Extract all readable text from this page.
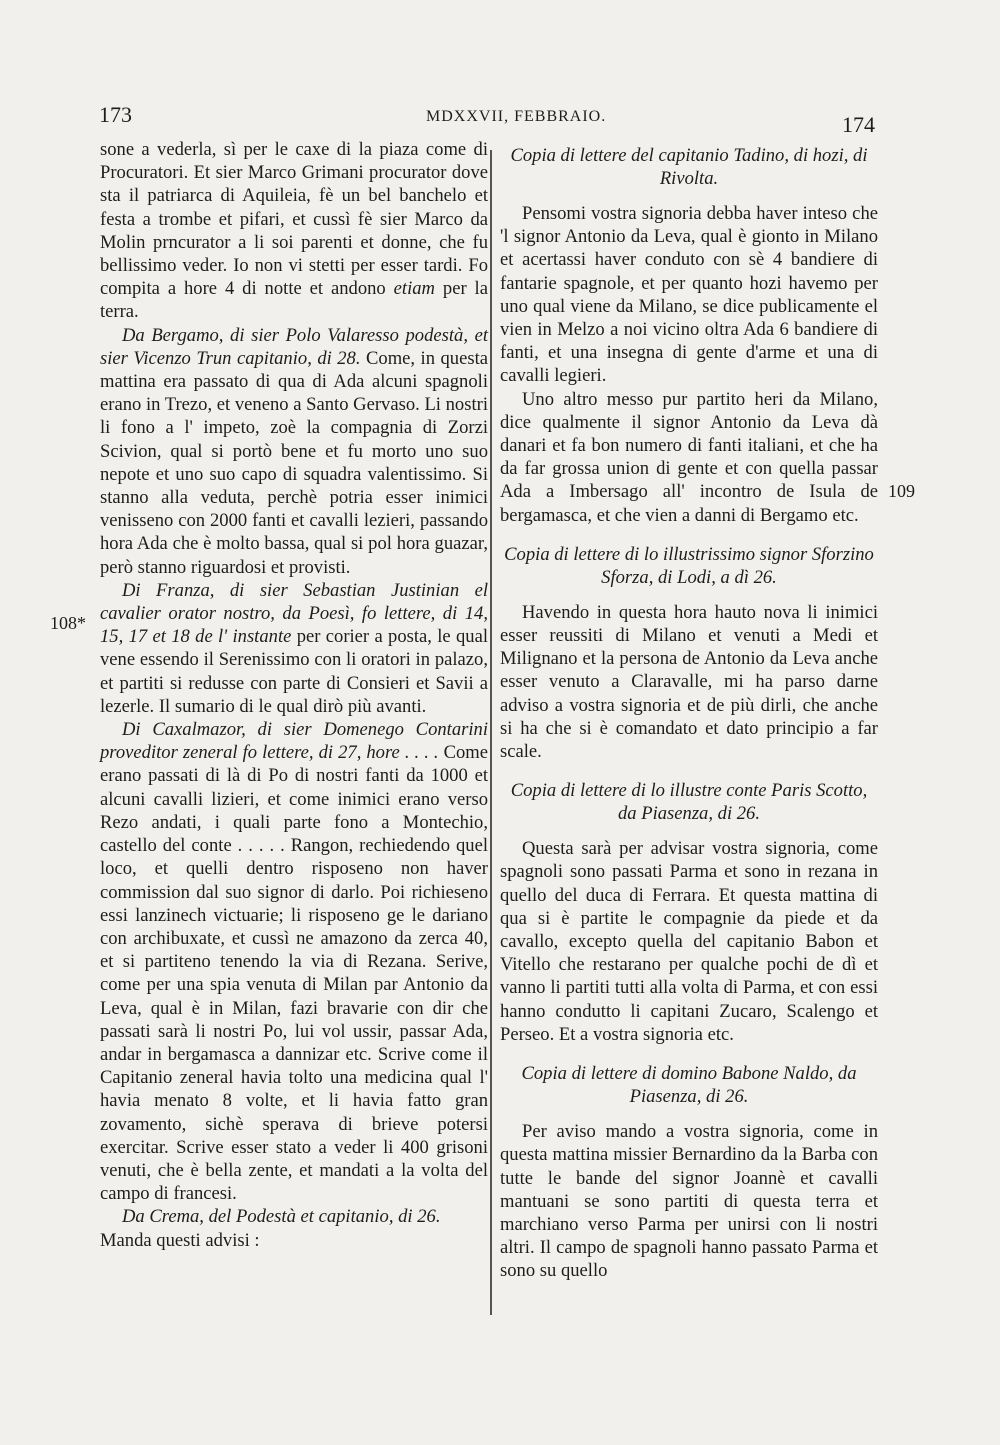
173	MDXXVII, FEBBRAIO.	174
108*
109

sone a vederla, sì per le caxe di la piaza come di Procuratori. Et sier Marco Grimani procurator dove sta il patriarca di Aquileia, fè un bel banchelo et festa a trombe et pifari, et cussì fè sier Marco da Molin prncurator a li soi parenti et donne, che fu bellissimo veder. Io non vi stetti per esser tardi. Fo compita a hore 4 di notte et andono etiam per la terra.

Da Bergamo, di sier Polo Valaresso podestà, et sier Vicenzo Trun capitanio, di 28. Come, in questa mattina era passato di qua di Ada alcuni spagnoli erano in Trezo, et veneno a Santo Gervaso. Li nostri li fono a l' impeto, zoè la compagnia di Zorzi Scivion, qual si portò bene et fu morto uno suo nepote et uno suo capo di squadra valentissimo. Si stanno alla veduta, perchè potria esser inimici venisseno con 2000 fanti et cavalli lezieri, passando hora Ada che è molto bassa, qual si pol hora guazar, però stanno riguardosi et provisti.

Di Franza, di sier Sebastian Justinian el cavalier orator nostro, da Poesì, fo lettere, di 14, 15, 17 et 18 de l' instante per corier a posta, le qual vene essendo il Serenissimo con li oratori in palazo, et partiti si redusse con parte di Consieri et Savii a lezerle. Il sumario di le qual dirò più avanti.

Di Caxalmazor, di sier Domenego Contarini proveditor zeneral fo lettere, di 27, hore . . . . Come erano passati di là di Po di nostri fanti da 1000 et alcuni cavalli lizieri, et come inimici erano verso Rezo andati, i quali parte fono a Montechio, castello del conte . . . . . Rangon, rechiedendo quel loco, et quelli dentro risposeno non haver commission dal suo signor di darlo. Poi richieseno essi lanzinech victuarie; li risposeno ge le dariano con archibuxate, et cussì ne amazono da zerca 40, et si partiteno tenendo la via di Rezana. Serive, come per una spia venuta di Milan par Antonio da Leva, qual è in Milan, fazi bravarie con dir che passati sarà li nostri Po, lui vol ussir, passar Ada, andar in bergamasca a dannizar etc. Scrive come il Capitanio zeneral havia tolto una medicina qual l' havia menato 8 volte, et li havia fatto gran zovamento, sichè sperava di brieve potersi exercitar. Scrive esser stato a veder li 400 grisoni venuti, che è bella zente, et mandati a la volta del campo di francesi.

Da Crema, del Podestà et capitanio, di 26.
Manda questi advisi :

Copia di lettere del capitanio Tadino, di hozi, di Rivolta.

Pensomi vostra signoria debba haver inteso che 'l signor Antonio da Leva, qual è gionto in Milano et acertassi haver conduto con sè 4 bandiere di fantarie spagnole, et per quanto hozi havemo per uno qual viene da Milano, se dice publicamente el vien in Melzo a noi vicino oltra Ada 6 bandiere di fanti, et una insegna di gente d'arme et una di cavalli legieri.

Uno altro messo pur partito heri da Milano, dice qualmente il signor Antonio da Leva dà danari et fa bon numero di fanti italiani, et che ha da far grossa union di gente et con quella passar Ada a Imbersago all' incontro de Isula de bergamasca, et che vien a danni di Bergamo etc.

Copia di lettere di lo illustrissimo signor Sforzino Sforza, di Lodi, a dì 26.

Havendo in questa hora hauto nova li inimici esser reussiti di Milano et venuti a Medi et Milignano et la persona de Antonio da Leva anche esser venuto a Claravalle, mi ha parso darne adviso a vostra signoria et de più dirli, che anche si ha che si è comandato et dato principio a far scale.

Copia di lettere di lo illustre conte Paris Scotto, da Piasenza, di 26.

Questa sarà per advisar vostra signoria, come spagnoli sono passati Parma et sono in rezana in quello del duca di Ferrara. Et questa mattina di qua si è partite le compagnie da piede et da cavallo, excepto quella del capitanio Babon et Vitello che restarano per qualche pochi de dì et vanno li partiti tutti alla volta di Parma, et con essi hanno condutto li capitani Zucaro, Scalengo et Perseo. Et a vostra signoria etc.

Copia di lettere di domino Babone Naldo, da Piasenza, di 26.

Per aviso mando a vostra signoria, come in questa mattina missier Bernardino da la Barba con tutte le bande del signor Joannè et cavalli mantuani se sono partiti di questa terra et marchiano verso Parma per unirsi con li nostri altri. Il campo de spagnoli hanno passato Parma et sono su quello
